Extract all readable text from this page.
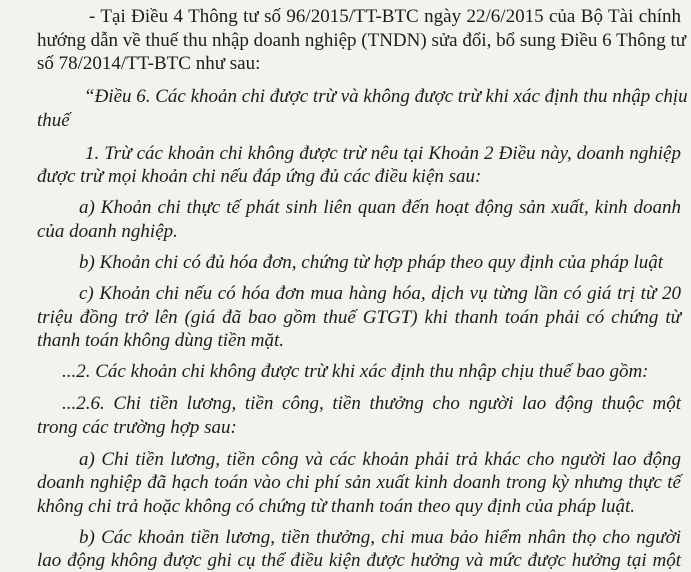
- Tại Điều 4 Thông tư số 96/2015/TT-BTC ngày 22/6/2015 của Bộ Tài chính
hướng dẫn về thuế thu nhập doanh nghiệp (TNDN) sửa đổi, bổ sung Điều 6 Thông tư
số 78/2014/TT-BTC như sau:
“Điều 6. Các khoản chi được trừ và không được trừ khi xác định thu nhập chịu
thuế
1. Trừ các khoản chi không được trừ nêu tại Khoản 2 Điều này, doanh nghiệp
được trừ mọi khoản chi nếu đáp ứng đủ các điều kiện sau:
a) Khoản chi thực tế phát sinh liên quan đến hoạt động sản xuất, kinh doanh
của doanh nghiệp.
b) Khoản chi có đủ hóa đơn, chứng từ hợp pháp theo quy định của pháp luật
c) Khoản chi nếu có hóa đơn mua hàng hóa, dịch vụ từng lần có giá trị từ 20
triệu đồng trở lên (giá đã bao gồm thuế GTGT) khi thanh toán phải có chứng từ
thanh toán không dùng tiền mặt.
...2. Các khoản chi không được trừ khi xác định thu nhập chịu thuế bao gồm:
...2.6. Chi tiền lương, tiền công, tiền thưởng cho người lao động thuộc một
trong các trường hợp sau:
a) Chi tiền lương, tiền công và các khoản phải trả khác cho người lao động
doanh nghiệp đã hạch toán vào chi phí sản xuất kinh doanh trong kỳ nhưng thực tế
không chi trả hoặc không có chứng từ thanh toán theo quy định của pháp luật.
b) Các khoản tiền lương, tiền thưởng, chi mua bảo hiểm nhân thọ cho người
lao động không được ghi cụ thể điều kiện được hưởng và mức được hưởng tại một
